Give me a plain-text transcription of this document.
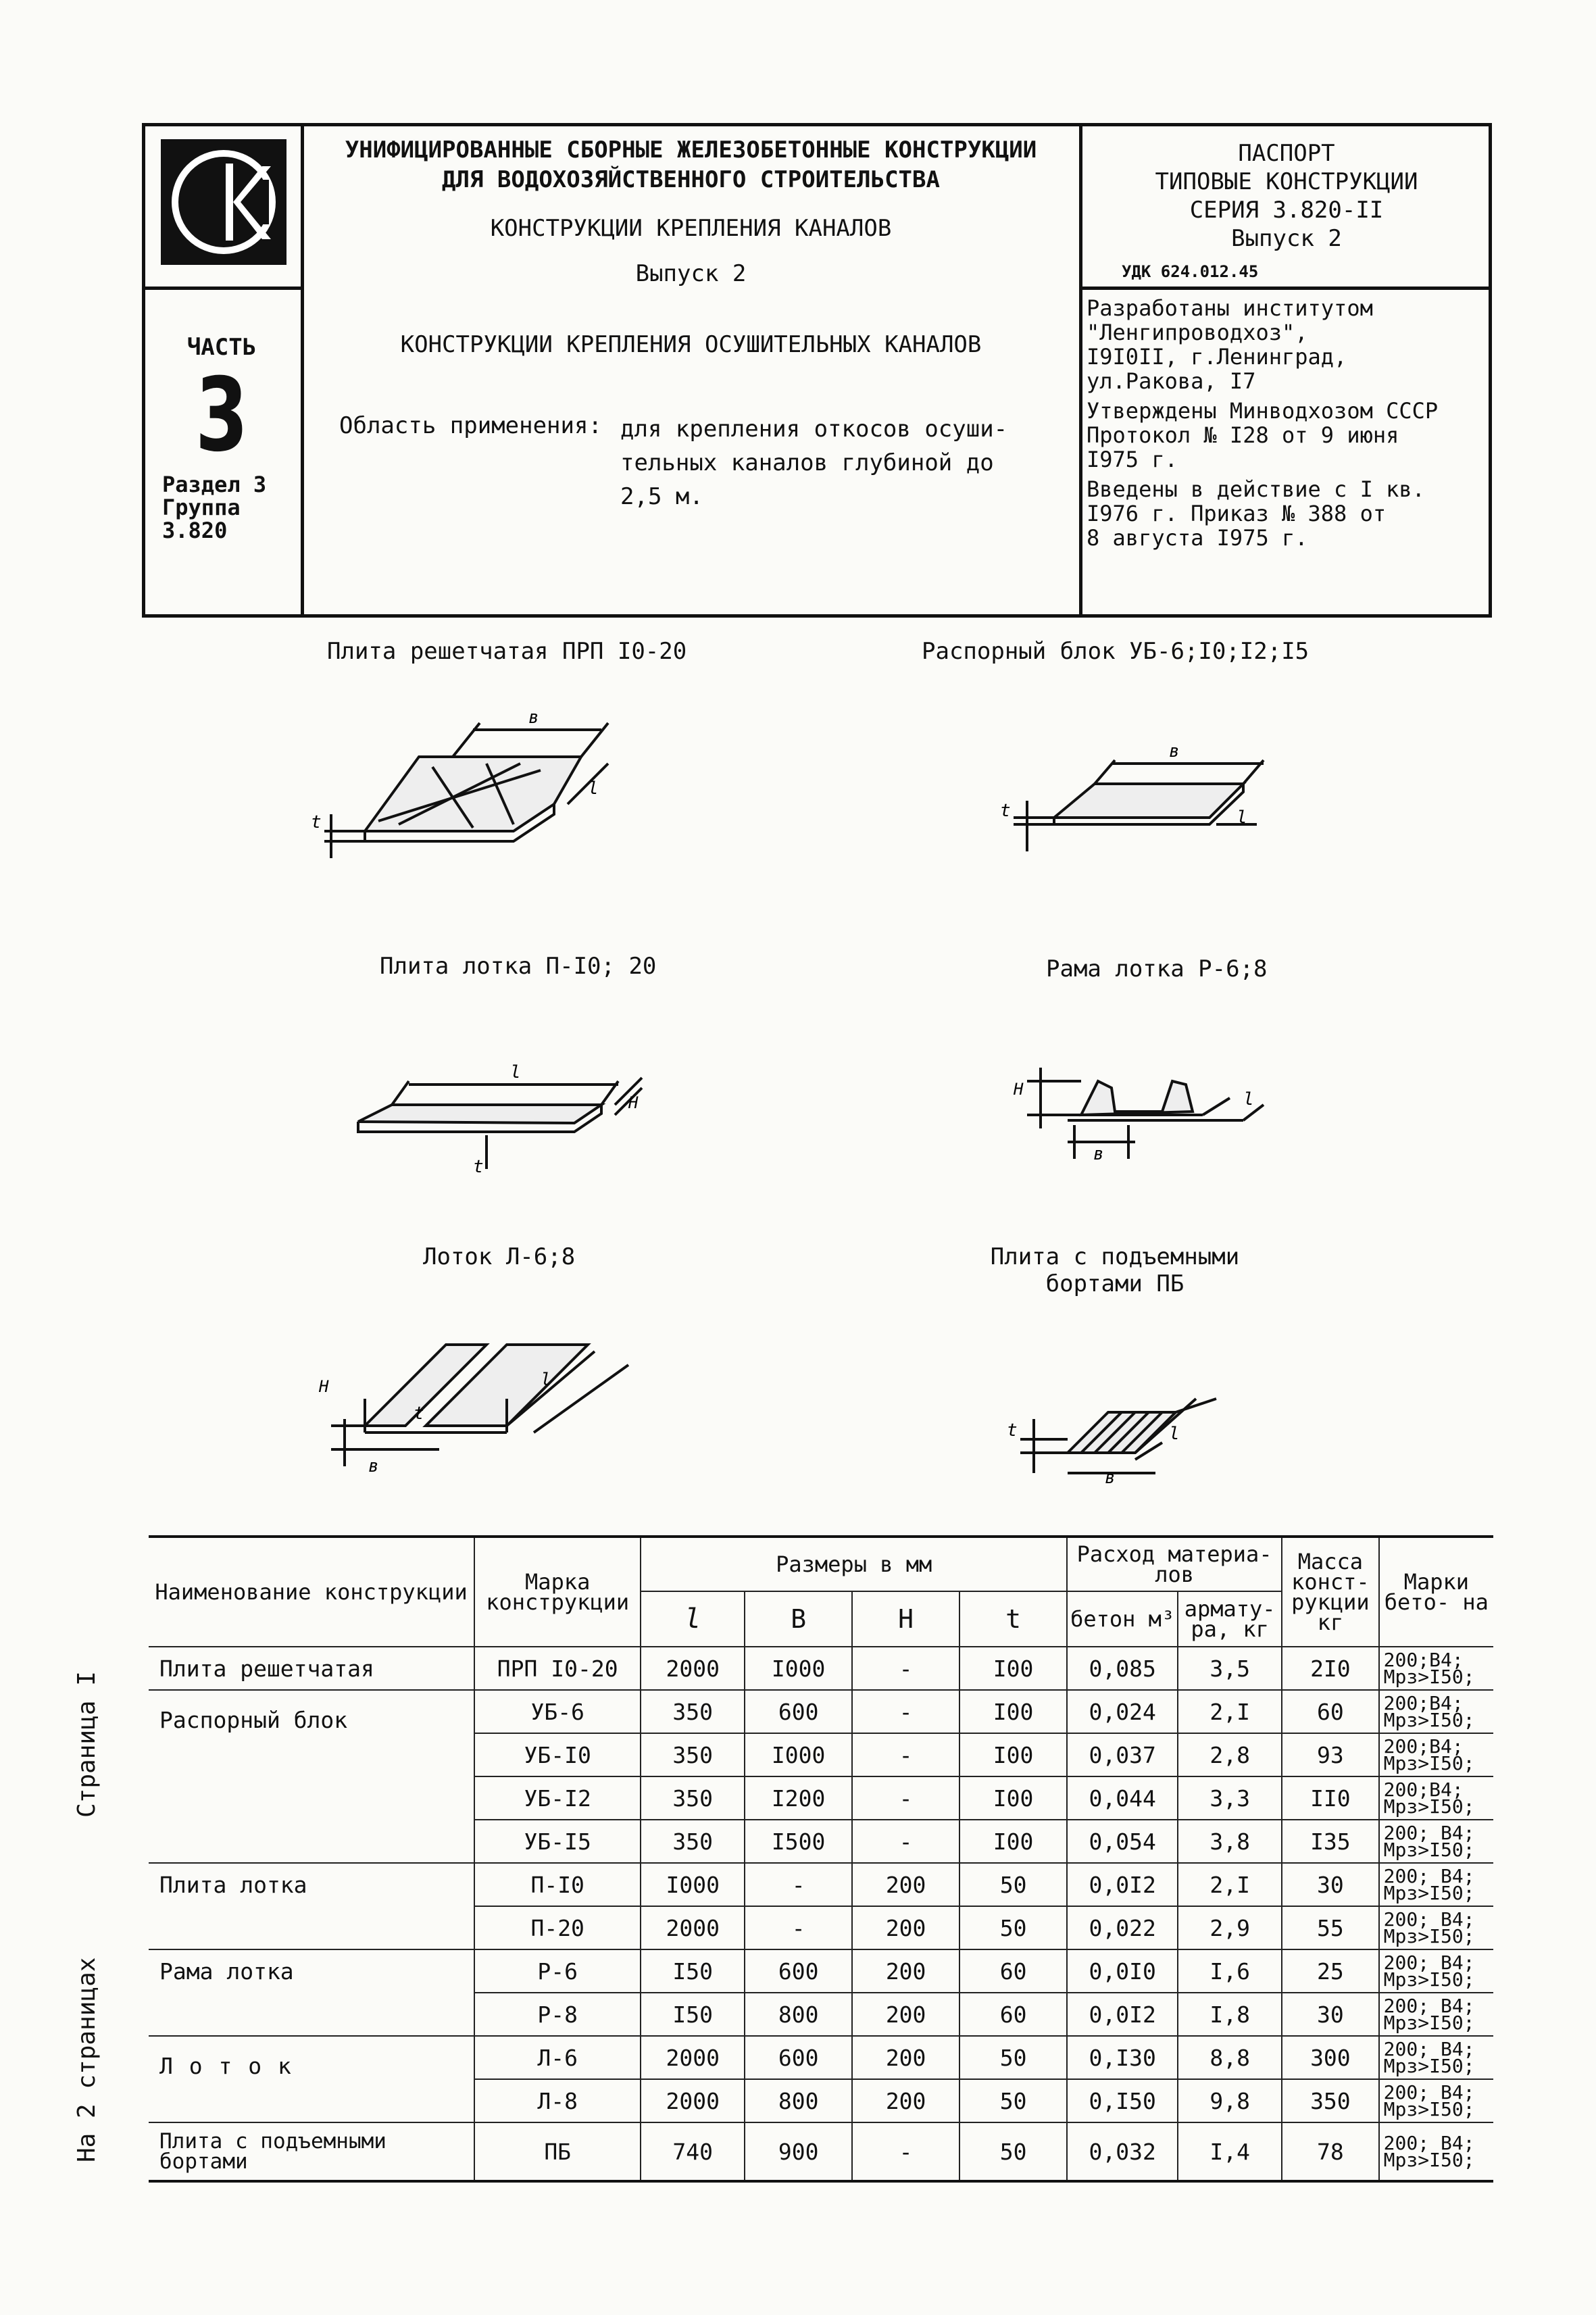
ЧАСТЬ
3
Раздел 3
Группа
3.820
УНИФИЦИРОВАННЫЕ СБОРНЫЕ ЖЕЛЕЗОБЕТОННЫЕ КОНСТРУКЦИИ
ДЛЯ ВОДОХОЗЯЙСТВЕННОГО СТРОИТЕЛЬСТВА
КОНСТРУКЦИИ КРЕПЛЕНИЯ КАНАЛОВ
Выпуск 2
КОНСТРУКЦИИ КРЕПЛЕНИЯ ОСУШИТЕЛЬНЫХ КАНАЛОВ
Область применения: для крепления откосов осуши-
тельных каналов глубиной до
2,5 м.
ПАСПОРТ
ТИПОВЫЕ КОНСТРУКЦИИ
СЕРИЯ 3.820-II
Выпуск 2
УДК 624.012.45
Разработаны институтом
"Ленгипроводхоз",
I9I0II, г.Ленинград,
ул.Ракова, I7
Утверждены Минводхозом СССР
Протокол № I28 от 9 июня
I975 г.
Введены в действие с I кв.
I976 г. Приказ № 388 от
8 августа I975 г.
Плита решетчатая ПРП I0-20	Распорный блок УБ-6;I0;I2;I5
Плита лотка П-I0; 20	Рама лотка Р-6;8
Лоток Л-6;8	Плита с подъемными
бортами ПБ
в
l
t
в
l
t
l
H
t
H
в
l
H
в
t
l
в
t	l
Наименование конструкции	Марка конструкции	Размеры в мм				Расход материа- лов		Масса конст- рукции кг	Марки бето- на
		l	B	H	t	бетон м³	армату- ра, кг		
Плита решетчатая	ПРП I0-20	2000	I000	-	I00	0,085	3,5	2I0	200;В4;
Мрз>I50;

Распорный блок	УБ-6	350	600	-	I00	0,024	2,I	60	200;В4;
Мрз>I50;

	УБ-I0	350	I000	-	I00	0,037	2,8	93	200;В4;
Мрз>I50;

	УБ-I2	350	I200	-	I00	0,044	3,3	II0	200;В4;
Мрз>I50;

	УБ-I5	350	I500	-	I00	0,054	3,8	I35	200; В4;
Мрз>I50;

Плита лотка	П-I0	I000	-	200	50	0,0I2	2,I	30	200; В4;
Мрз>I50;

	П-20	2000	-	200	50	0,022	2,9	55	200; В4;
Мрз>I50;

Рама лотка	Р-6	I50	600	200	60	0,0I0	I,6	25	200; В4;
Мрз>I50;

	Р-8	I50	800	200	60	0,0I2	I,8	30	200; В4;
Мрз>I50;

Л о т о к	Л-6	2000	600	200	50	0,I30	8,8	300	200; В4;
Мрз>I50;

	Л-8	2000	800	200	50	0,I50	9,8	350	200; В4;
Мрз>I50;

Плита с подъемными бортами	ПБ	740	900	-	50	0,032	I,4	78	200; В4;
Мрз>I50;
Страница I
На 2 страницах
